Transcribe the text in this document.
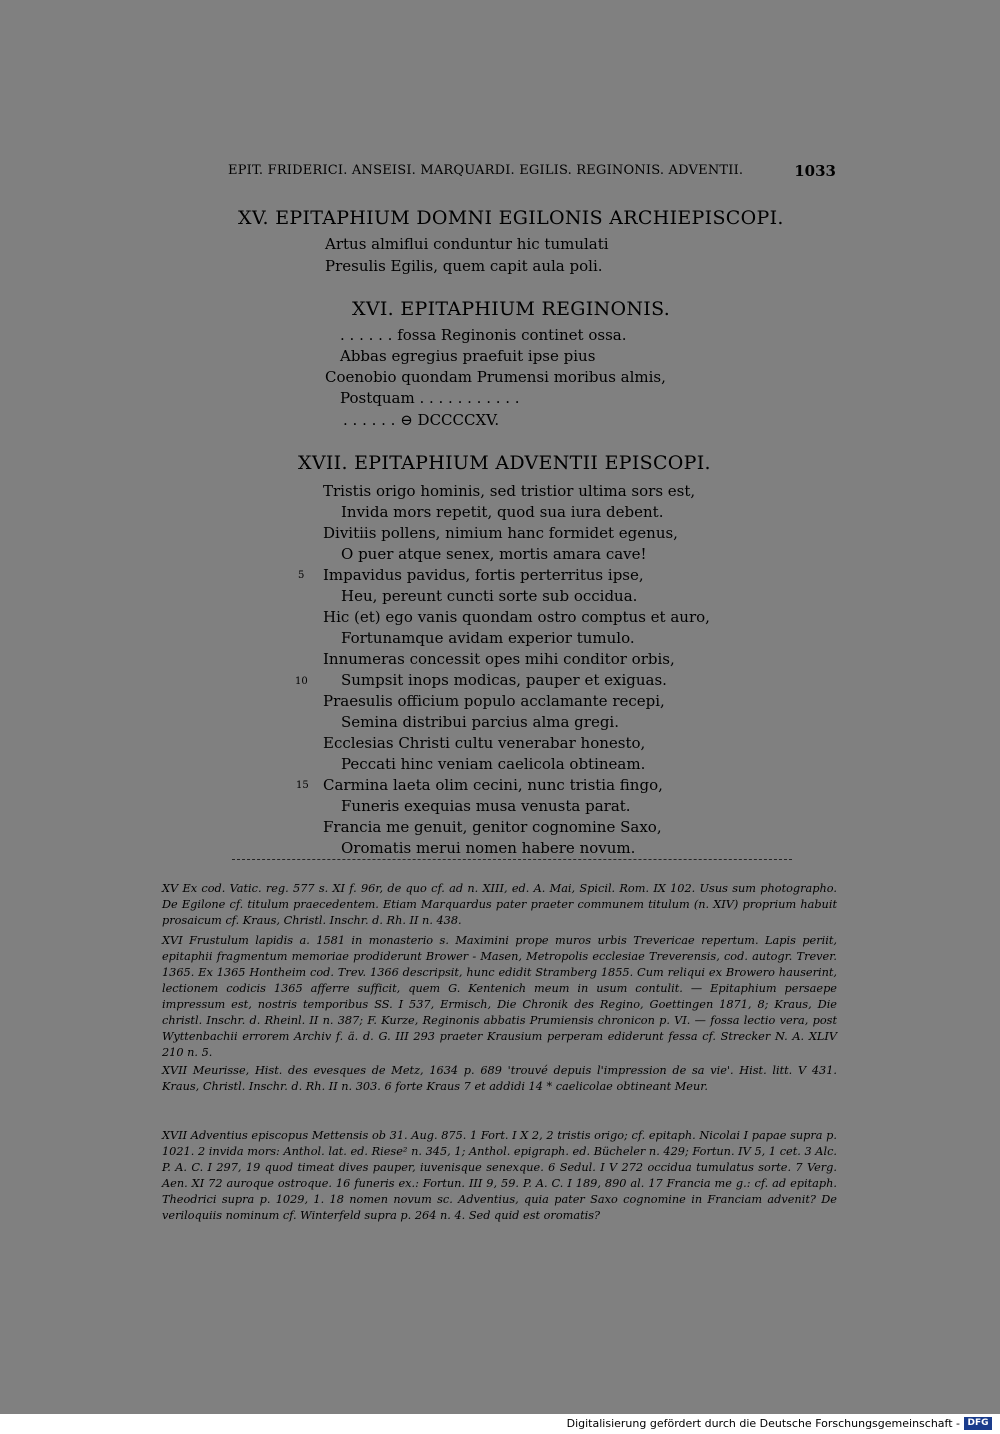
EPIT. FRIDERICI. ANSEISI. MARQUARDI. EGILIS. REGINONIS. ADVENTII.	1033
XV. EPITAPHIUM DOMNI EGILONIS ARCHIEPISCOPI.
Artus almiflui conduntur hic tumulati
Presulis Egilis, quem capit aula poli.
XVI. EPITAPHIUM REGINONIS.
. . . . . . fossa Reginonis continet ossa.
Abbas egregius praefuit ipse pius
Coenobio quondam Prumensi moribus almis,
Postquam . . . . . . . . . . .
. . . . . . ⊖ DCCCCXV.
XVII. EPITAPHIUM ADVENTII EPISCOPI.
Tristis origo hominis, sed tristior ultima sors est,
Invida mors repetit, quod sua iura debent.
Divitiis pollens, nimium hanc formidet egenus,
O puer atque senex, mortis amara cave!
5 Impavidus pavidus, fortis perterritus ipse,
Heu, pereunt cuncti sorte sub occidua.
Hic (et) ego vanis quondam ostro comptus et auro,
Fortunamque avidam experior tumulo.
Innumeras concessit opes mihi conditor orbis,
10 Sumpsit inops modicas, pauper et exiguas.
Praesulis officium populo acclamante recepi,
Semina distribui parcius alma gregi.
Ecclesias Christi cultu venerabar honesto,
Peccati hinc veniam caelicola obtineam.
15 Carmina laeta olim cecini, nunc tristia fingo,
Funeris exequias musa venusta parat.
Francia me genuit, genitor cognomine Saxo,
Oromatis merui nomen habere novum.
XV Ex cod. Vatic. reg. 577 s. XI f. 96r, de quo cf. ad n. XIII, ed. A. Mai, Spicil. Rom. IX 102. Usus sum photographo. De Egilone cf. titulum praecedentem. Etiam Marquardus pater praeter communem titulum (n. XIV) proprium habuit prosaicum cf. Kraus, Christl. Inschr. d. Rh. II n. 438.
XVI Frustulum lapidis a. 1581 in monasterio s. Maximini prope muros urbis Trevericae repertum. Lapis periit, epitaphii fragmentum memoriae prodiderunt Brower - Masen, Metropolis ecclesiae Treverensis, cod. autogr. Trever. 1365. Ex 1365 Hontheim cod. Trev. 1366 descripsit, hunc edidit Stramberg 1855. Cum reliqui ex Browero hauserint, lectionem codicis 1365 afferre sufficit, quem G. Kentenich meum in usum contulit. — Epitaphium persaepe impressum est, nostris temporibus SS. I 537, Ermisch, Die Chronik des Regino, Goettingen 1871, 8; Kraus, Die christl. Inschr. d. Rheinl. II n. 387; F. Kurze, Reginonis abbatis Prumiensis chronicon p. VI. — fossa lectio vera, post Wyttenbachii errorem Archiv f. ä. d. G. III 293 praeter Krausium perperam ediderunt fessa cf. Strecker N. A. XLIV 210 n. 5.
XVII Meurisse, Hist. des evesques de Metz, 1634 p. 689 'trouvé depuis l'impression de sa vie'. Hist. litt. V 431. Kraus, Christl. Inschr. d. Rh. II n. 303. 6 forte Kraus 7 et addidi 14 * caelicolae obtineant Meur.
XVII Adventius episcopus Mettensis ob 31. Aug. 875. 1 Fort. I X 2, 2 tristis origo; cf. epitaph. Nicolai I papae supra p. 1021. 2 invida mors: Anthol. lat. ed. Riese² n. 345, 1; Anthol. epigraph. ed. Bücheler n. 429; Fortun. IV 5, 1 cet. 3 Alc. P. A. C. I 297, 19 quod timeat dives pauper, iuvenisque senexque. 6 Sedul. I V 272 occidua tumulatus sorte. 7 Verg. Aen. XI 72 auroque ostroque. 16 funeris ex.: Fortun. III 9, 59. P. A. C. I 189, 890 al. 17 Francia me g.: cf. ad epitaph. Theodrici supra p. 1029, 1. 18 nomen novum sc. Adventius, quia pater Saxo cognomine in Franciam advenit? De veriloquiis nominum cf. Winterfeld supra p. 264 n. 4. Sed quid est oromatis?
Digitalisierung gefördert durch die Deutsche Forschungsgemeinschaft - DFG
